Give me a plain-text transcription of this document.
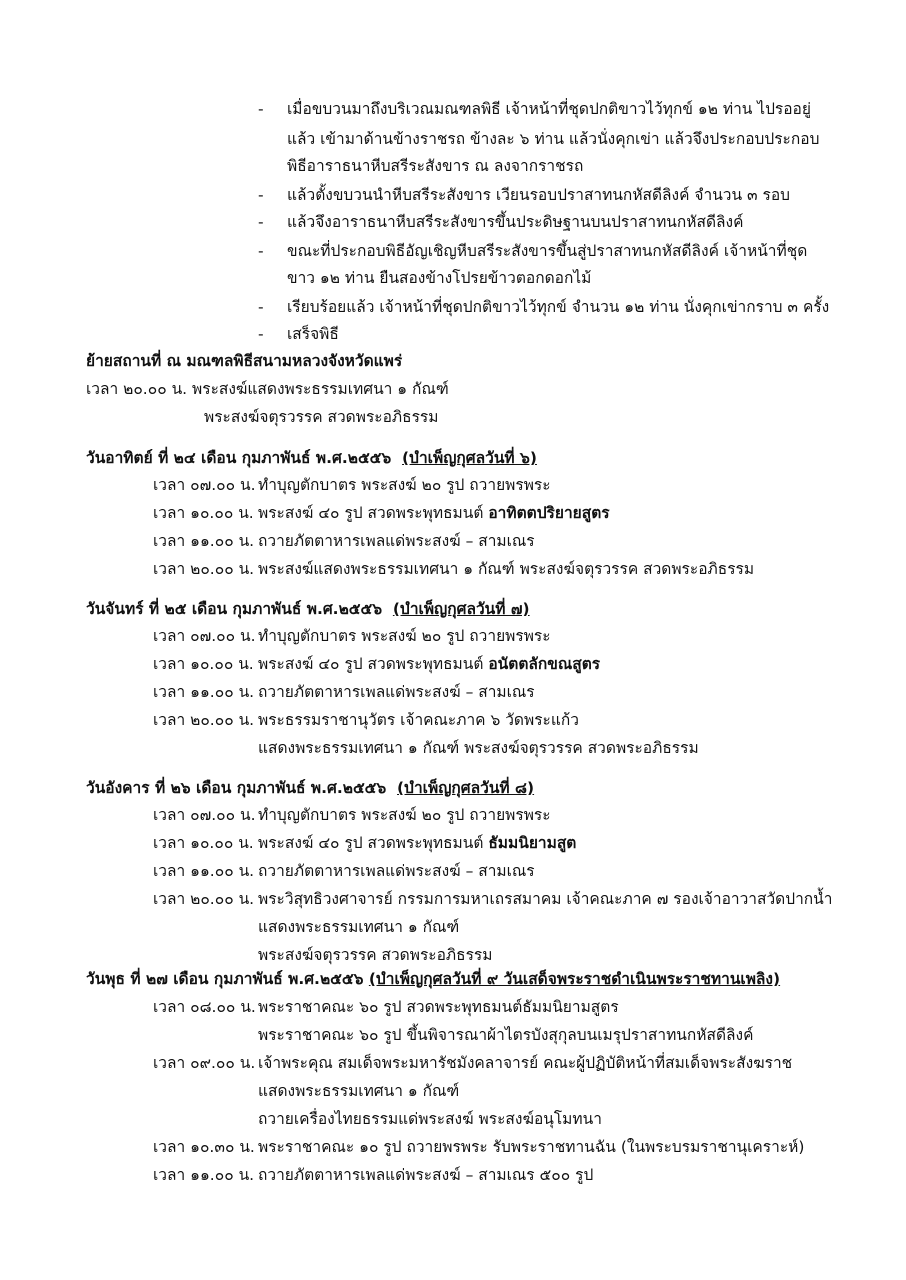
- เมื่อขบวนมาถึงบริเวณมณฑลพิธี เจ้าหน้าที่ชุดปกติขาวไว้ทุกข์ ๑๒ ท่าน ไปรออยู่
แล้ว เข้ามาด้านข้างราชรถ ข้างละ ๖ ท่าน แล้วนั่งคุกเข่า แล้วจึงประกอบประกอบ
พิธีอาราธนาหีบสรีระสังขาร ณ ลงจากราชรถ
- แล้วตั้งขบวนนำหีบสรีระสังขาร เวียนรอบปราสาทนกหัสดีลิงค์ จำนวน ๓ รอบ
- แล้วจึงอาราธนาหีบสรีระสังขารขึ้นประดิษฐานบนปราสาทนกหัสดีลิงค์
- ขณะที่ประกอบพิธีอัญเชิญหีบสรีระสังขารขึ้นสู่ปราสาทนกหัสดีลิงค์ เจ้าหน้าที่ชุด
ขาว ๑๒ ท่าน ยืนสองข้างโปรยข้าวตอกดอกไม้
- เรียบร้อยแล้ว เจ้าหน้าที่ชุดปกติขาวไว้ทุกข์ จำนวน ๑๒ ท่าน นั่งคุกเข่ากราบ ๓ ครั้ง
- เสร็จพิธี
ย้ายสถานที่ ณ มณฑลพิธีสนามหลวงจังหวัดแพร่
เวลา ๒๐.๐๐ น. พระสงฆ์แสดงพระธรรมเทศนา ๑ กัณฑ์
พระสงฆ์จตุรวรรค สวดพระอภิธรรม
วันอาทิตย์ ที่ ๒๔ เดือน กุมภาพันธ์ พ.ศ.๒๕๕๖ (บำเพ็ญกุศลวันที่ ๖)
เวลา ๐๗.๐๐ น. ทำบุญตักบาตร พระสงฆ์ ๒๐ รูป ถวายพรพระ
เวลา ๑๐.๐๐ น. พระสงฆ์ ๔๐ รูป สวดพระพุทธมนต์ อาทิตตปริยายสูตร
เวลา ๑๑.๐๐ น. ถวายภัตตาหารเพลแด่พระสงฆ์ – สามเณร
เวลา ๒๐.๐๐ น. พระสงฆ์แสดงพระธรรมเทศนา ๑ กัณฑ์ พระสงฆ์จตุรวรรค สวดพระอภิธรรม
วันจันทร์ ที่ ๒๕ เดือน กุมภาพันธ์ พ.ศ.๒๕๕๖ (บำเพ็ญกุศลวันที่ ๗)
เวลา ๐๗.๐๐ น. ทำบุญตักบาตร พระสงฆ์ ๒๐ รูป ถวายพรพระ
เวลา ๑๐.๐๐ น. พระสงฆ์ ๔๐ รูป สวดพระพุทธมนต์ อนัตตลักขณสูตร
เวลา ๑๑.๐๐ น. ถวายภัตตาหารเพลแด่พระสงฆ์ – สามเณร
เวลา ๒๐.๐๐ น. พระธรรมราชานุวัตร เจ้าคณะภาค ๖ วัดพระแก้ว
แสดงพระธรรมเทศนา ๑ กัณฑ์ พระสงฆ์จตุรวรรค สวดพระอภิธรรม
วันอังคาร ที่ ๒๖ เดือน กุมภาพันธ์ พ.ศ.๒๕๕๖ (บำเพ็ญกุศลวันที่ ๘)
เวลา ๐๗.๐๐ น. ทำบุญตักบาตร พระสงฆ์ ๒๐ รูป ถวายพรพระ
เวลา ๑๐.๐๐ น. พระสงฆ์ ๔๐ รูป สวดพระพุทธมนต์ ธัมมนิยามสูต
เวลา ๑๑.๐๐ น. ถวายภัตตาหารเพลแด่พระสงฆ์ – สามเณร
เวลา ๒๐.๐๐ น. พระวิสุทธิวงศาจารย์ กรรมการมหาเถรสมาคม เจ้าคณะภาค ๗ รองเจ้าอาวาสวัดปากน้ำ
แสดงพระธรรมเทศนา ๑ กัณฑ์
พระสงฆ์จตุรวรรค สวดพระอภิธรรม
วันพุธ ที่ ๒๗ เดือน กุมภาพันธ์ พ.ศ.๒๕๕๖ (บำเพ็ญกุศลวันที่ ๙ วันเสด็จพระราชดำเนินพระราชทานเพลิง)
เวลา ๐๘.๐๐ น. พระราชาคณะ ๖๐ รูป สวดพระพุทธมนต์ธัมมนิยามสูตร
พระราชาคณะ ๖๐ รูป ขึ้นพิจารณาผ้าไตรบังสุกุลบนเมรุปราสาทนกหัสดีลิงค์
เวลา ๐๙.๐๐ น. เจ้าพระคุณ สมเด็จพระมหารัชมังคลาจารย์ คณะผู้ปฏิบัติหน้าที่สมเด็จพระสังฆราช
แสดงพระธรรมเทศนา ๑ กัณฑ์
ถวายเครื่องไทยธรรมแด่พระสงฆ์ พระสงฆ์อนุโมทนา
เวลา ๑๐.๓๐ น. พระราชาคณะ ๑๐ รูป ถวายพรพระ รับพระราชทานฉัน (ในพระบรมราชานุเคราะห์)
เวลา ๑๑.๐๐ น. ถวายภัตตาหารเพลแด่พระสงฆ์ – สามเณร ๕๐๐ รูป
